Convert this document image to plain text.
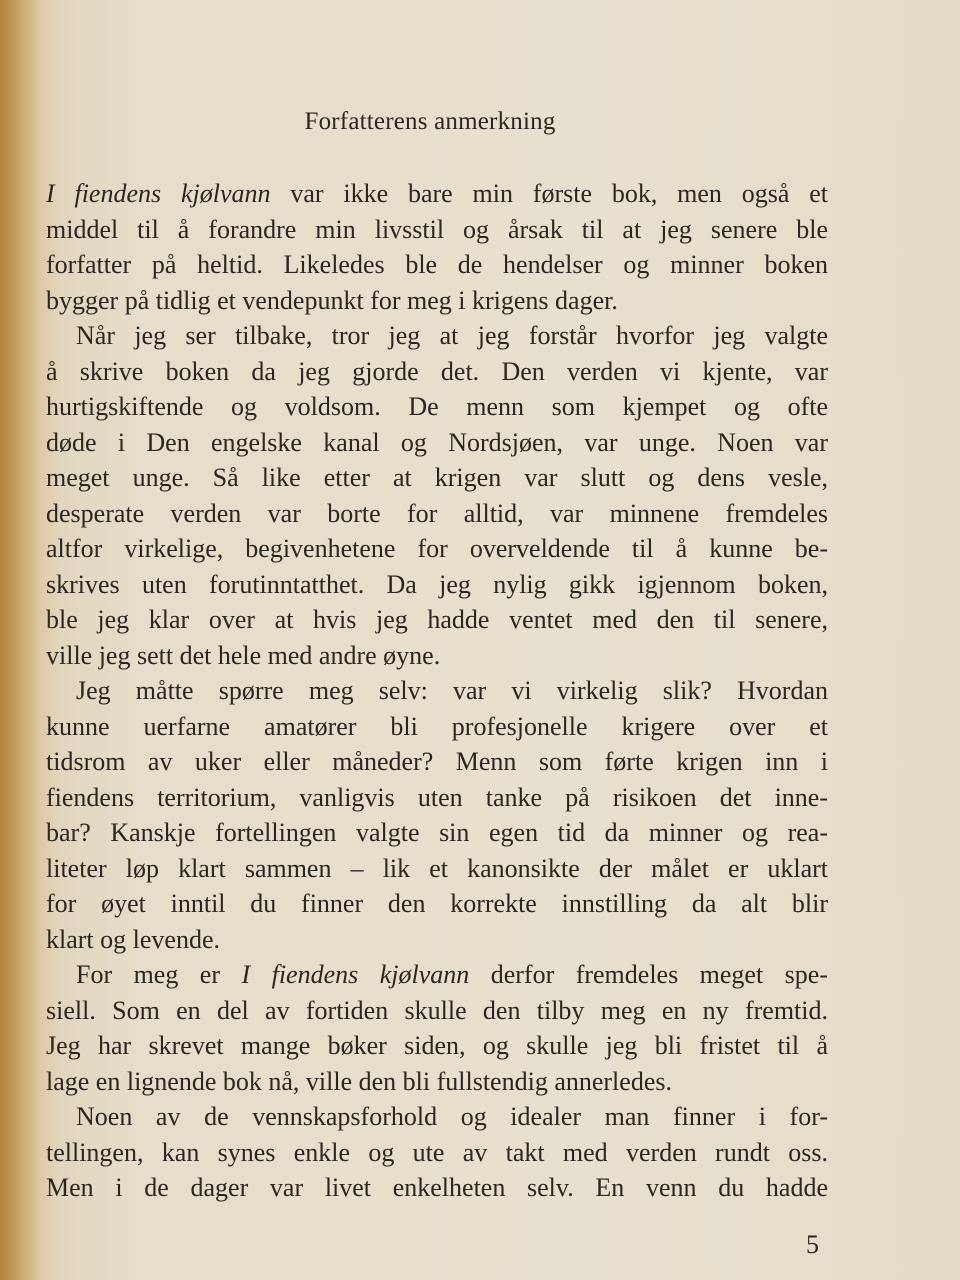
Forfatterens anmerkning
I fiendens kjølvann var ikke bare min første bok, men også et
middel til å forandre min livsstil og årsak til at jeg senere ble
forfatter på heltid. Likeledes ble de hendelser og minner boken
bygger på tidlig et vendepunkt for meg i krigens dager.
Når jeg ser tilbake, tror jeg at jeg forstår hvorfor jeg valgte
å skrive boken da jeg gjorde det. Den verden vi kjente, var
hurtigskiftende og voldsom. De menn som kjempet og ofte
døde i Den engelske kanal og Nordsjøen, var unge. Noen var
meget unge. Så like etter at krigen var slutt og dens vesle,
desperate verden var borte for alltid, var minnene fremdeles
altfor virkelige, begivenhetene for overveldende til å kunne be-
skrives uten forutinntatthet. Da jeg nylig gikk igjennom boken,
ble jeg klar over at hvis jeg hadde ventet med den til senere,
ville jeg sett det hele med andre øyne.
Jeg måtte spørre meg selv: var vi virkelig slik? Hvordan
kunne uerfarne amatører bli profesjonelle krigere over et
tidsrom av uker eller måneder? Menn som førte krigen inn i
fiendens territorium, vanligvis uten tanke på risikoen det inne-
bar? Kanskje fortellingen valgte sin egen tid da minner og rea-
liteter løp klart sammen – lik et kanonsikte der målet er uklart
for øyet inntil du finner den korrekte innstilling da alt blir
klart og levende.
For meg er I fiendens kjølvann derfor fremdeles meget spe-
siell. Som en del av fortiden skulle den tilby meg en ny fremtid.
Jeg har skrevet mange bøker siden, og skulle jeg bli fristet til å
lage en lignende bok nå, ville den bli fullstendig annerledes.
Noen av de vennskapsforhold og idealer man finner i for-
tellingen, kan synes enkle og ute av takt med verden rundt oss.
Men i de dager var livet enkelheten selv. En venn du hadde
5
